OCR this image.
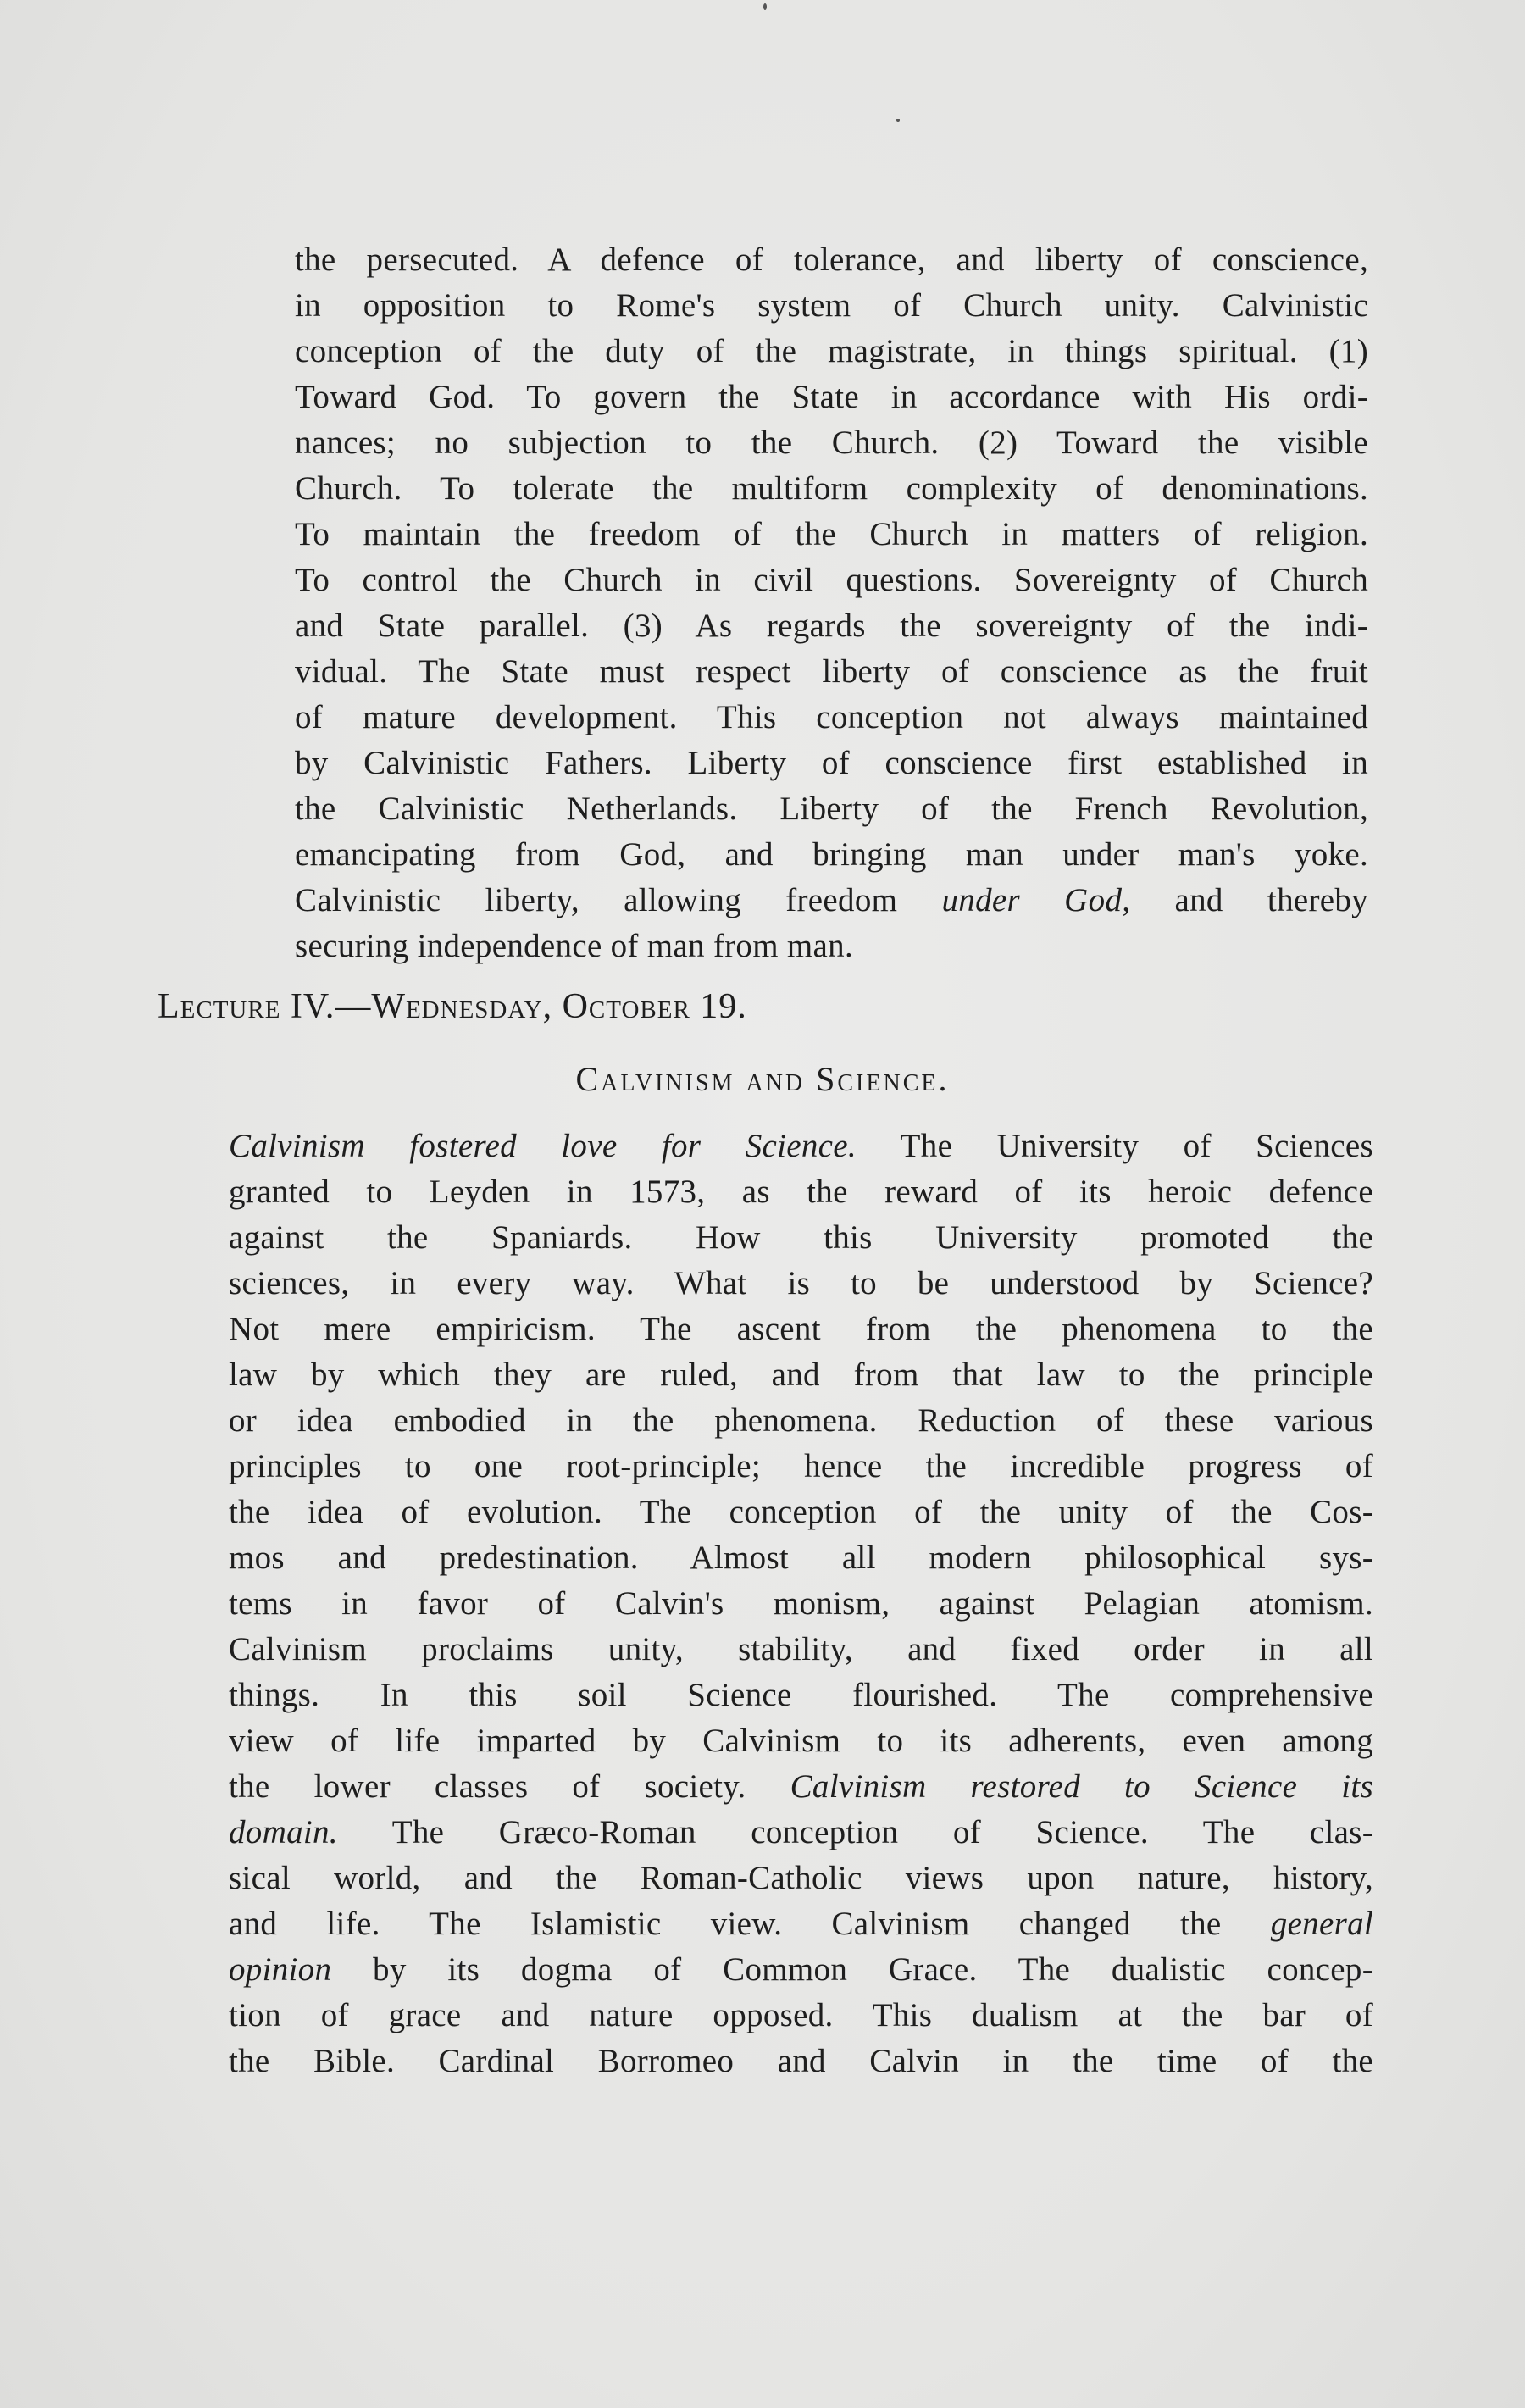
the persecuted. A defence of tolerance, and liberty of conscience,
in opposition to Rome's system of Church unity. Calvinistic
conception of the duty of the magistrate, in things spiritual. (1)
Toward God. To govern the State in accordance with His ordi-
nances; no subjection to the Church. (2) Toward the visible
Church. To tolerate the multiform complexity of denominations.
To maintain the freedom of the Church in matters of religion.
To control the Church in civil questions. Sovereignty of Church
and State parallel. (3) As regards the sovereignty of the indi-
vidual. The State must respect liberty of conscience as the fruit
of mature development. This conception not always maintained
by Calvinistic Fathers. Liberty of conscience first established in
the Calvinistic Netherlands. Liberty of the French Revolution,
emancipating from God, and bringing man under man's yoke.
Calvinistic liberty, allowing freedom under God, and thereby
securing independence of man from man.

Lecture IV.—Wednesday, October 19.
Calvinism and Science.

Calvinism fostered love for Science. The University of Sciences
granted to Leyden in 1573, as the reward of its heroic defence
against the Spaniards. How this University promoted the
sciences, in every way. What is to be understood by Science?
Not mere empiricism. The ascent from the phenomena to the
law by which they are ruled, and from that law to the principle
or idea embodied in the phenomena. Reduction of these various
principles to one root-principle; hence the incredible progress of
the idea of evolution. The conception of the unity of the Cos-
mos and predestination. Almost all modern philosophical sys-
tems in favor of Calvin's monism, against Pelagian atomism.
Calvinism proclaims unity, stability, and fixed order in all
things. In this soil Science flourished. The comprehensive
view of life imparted by Calvinism to its adherents, even among
the lower classes of society. Calvinism restored to Science its
domain. The Græco-Roman conception of Science. The clas-
sical world, and the Roman-Catholic views upon nature, history,
and life. The Islamistic view. Calvinism changed the general
opinion by its dogma of Common Grace. The dualistic concep-
tion of grace and nature opposed. This dualism at the bar of
the Bible. Cardinal Borromeo and Calvin in the time of the
